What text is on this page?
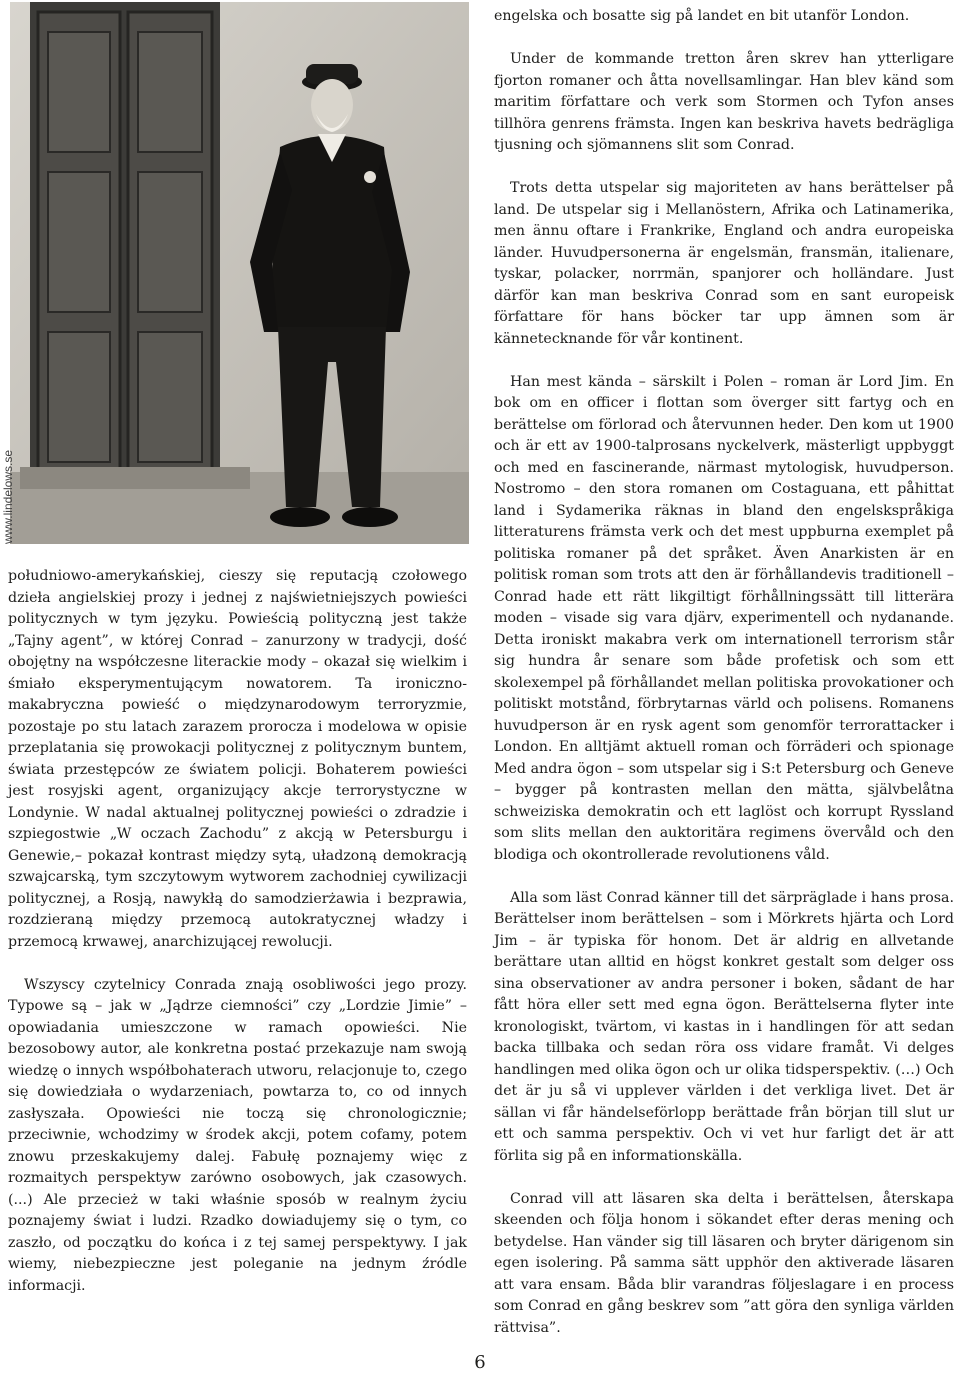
www.lindelows.se

południowo-amerykańskiej, cieszy się reputacją czołowego dzieła angielskiej prozy i jednej z najświetniejszych powieści politycznych w tym języku. Powieścią polityczną jest także „Tajny agent”, w której Conrad – zanurzony w tradycji, dość obojętny na współczesne literackie mody – okazał się wielkim i śmiało eksperymentującym nowatorem. Ta ironiczno-makabryczna powieść o międzynarodowym terroryzmie, pozostaje po stu latach zarazem prorocza i modelowa w opisie przeplatania się prowokacji politycznej z politycznym buntem, świata przestępców ze światem policji. Bohaterem powieści jest rosyjski agent, organizujący akcje terrorystyczne w Londynie. W nadal aktualnej politycznej powieści o zdradzie i szpiegostwie „W oczach Zachodu” z akcją w Petersburgu i Genewie,– pokazał kontrast między sytą, uładzoną demokracją szwajcarską, tym szczytowym wytworem zachodniej cywilizacji politycznej, a Rosją, nawykłą do samodzierżawia i bezprawia, rozdzieraną między przemocą autokratycznej władzy i przemocą krwawej, anarchizującej rewolucji.

Wszyscy czytelnicy Conrada znają osobliwości jego prozy. Typowe są – jak w „Jądrze ciemności” czy „Lordzie Jimie” – opowiadania umieszczone w ramach opowieści. Nie bezosobowy autor, ale konkretna postać przekazuje nam swoją wiedzę o innych współbohaterach utworu, relacjonuje to, czego się dowiedziała o wydarzeniach, powtarza to, co od innych zasłyszała. Opowieści nie toczą się chronologicznie; przeciwnie, wchodzimy w środek akcji, potem cofamy, potem znowu przeskakujemy dalej. Fabułę poznajemy więc z rozmaitych perspektyw zarówno osobowych, jak czasowych. (...) Ale przecież w taki właśnie sposób w realnym życiu poznajemy świat i ludzi. Rzadko dowiadujemy się o tym, co zaszło, od początku do końca i z tej samej perspektywy. I jak wiemy, niebezpieczne jest poleganie na jednym źródle informacji.

engelska och bosatte sig på landet en bit utanför London.

Under de kommande tretton åren skrev han ytterligare fjorton romaner och åtta novellsamlingar. Han blev känd som maritim författare och verk som Stormen och Tyfon anses tillhöra genrens främsta. Ingen kan beskriva havets bedrägliga tjusning och sjömannens slit som Conrad.

Trots detta utspelar sig majoriteten av hans berättelser på land. De utspelar sig i Mellanöstern, Afrika och Latinamerika, men ännu oftare i Frankrike, England och andra europeiska länder. Huvudpersonerna är engelsmän, fransmän, italienare, tyskar, polacker, norrmän, spanjorer och holländare. Just därför kan man beskriva Conrad som en sant europeisk författare för hans böcker tar upp ämnen som är kännetecknande för vår kontinent.

Han mest kända – särskilt i Polen – roman är Lord Jim. En bok om en officer i flottan som överger sitt fartyg och en berättelse om förlorad och återvunnen heder. Den kom ut 1900 och är ett av 1900-talprosans nyckelverk, mästerligt uppbyggt och med en fascinerande, närmast mytologisk, huvudperson. Nostromo – den stora romanen om Costaguana, ett påhittat land i Sydamerika räknas in bland den engelskspråkiga litteraturens främsta verk och det mest uppburna exemplet på politiska romaner på det språket. Även Anarkisten är en politisk roman som trots att den är förhållandevis traditionell – Conrad hade ett rätt likgiltigt förhållningssätt till litterära moden – visade sig vara djärv, experimentell och nydanande. Detta ironiskt makabra verk om internationell terrorism står sig hundra år senare som både profetisk och som ett skolexempel på förhållandet mellan politiska provokationer och politiskt motstånd, förbrytarnas värld och polisens. Romanens huvudperson är en rysk agent som genomför terrorattacker i London. En alltjämt aktuell roman och förräderi och spionage Med andra ögon – som utspelar sig i S:t Petersburg och Geneve – bygger på kontrasten mellan den mätta, självbelåtna schweiziska demokratin och ett laglöst och korrupt Ryssland som slits mellan den auktoritära regimens övervåld och den blodiga och okontrollerade revolutionens våld.

Alla som läst Conrad känner till det särpräglade i hans prosa. Berättelser inom berättelsen – som i Mörkrets hjärta och Lord Jim – är typiska för honom. Det är aldrig en allvetande berättare utan alltid en högst konkret gestalt som delger oss sina observationer av andra personer i boken, sådant de har fått höra eller sett med egna ögon. Berättelserna flyter inte kronologiskt, tvärtom, vi kastas in i handlingen för att sedan backa tillbaka och sedan röra oss vidare framåt. Vi delges handlingen med olika ögon och ur olika tidsperspektiv. (…) Och det är ju så vi upplever världen i det verkliga livet. Det är sällan vi får händelseförlopp berättade från början till slut ur ett och samma perspektiv. Och vi vet hur farligt det är att förlita sig på en informationskälla.

Conrad vill att läsaren ska delta i berättelsen, återskapa skeenden och följa honom i sökandet efter deras mening och betydelse. Han vänder sig till läsaren och bryter därigenom sin egen isolering. På samma sätt upphör den aktiverade läsaren att vara ensam. Båda blir varandras följeslagare i en process som Conrad en gång beskrev som ”att göra den synliga världen rättvisa”.

6
